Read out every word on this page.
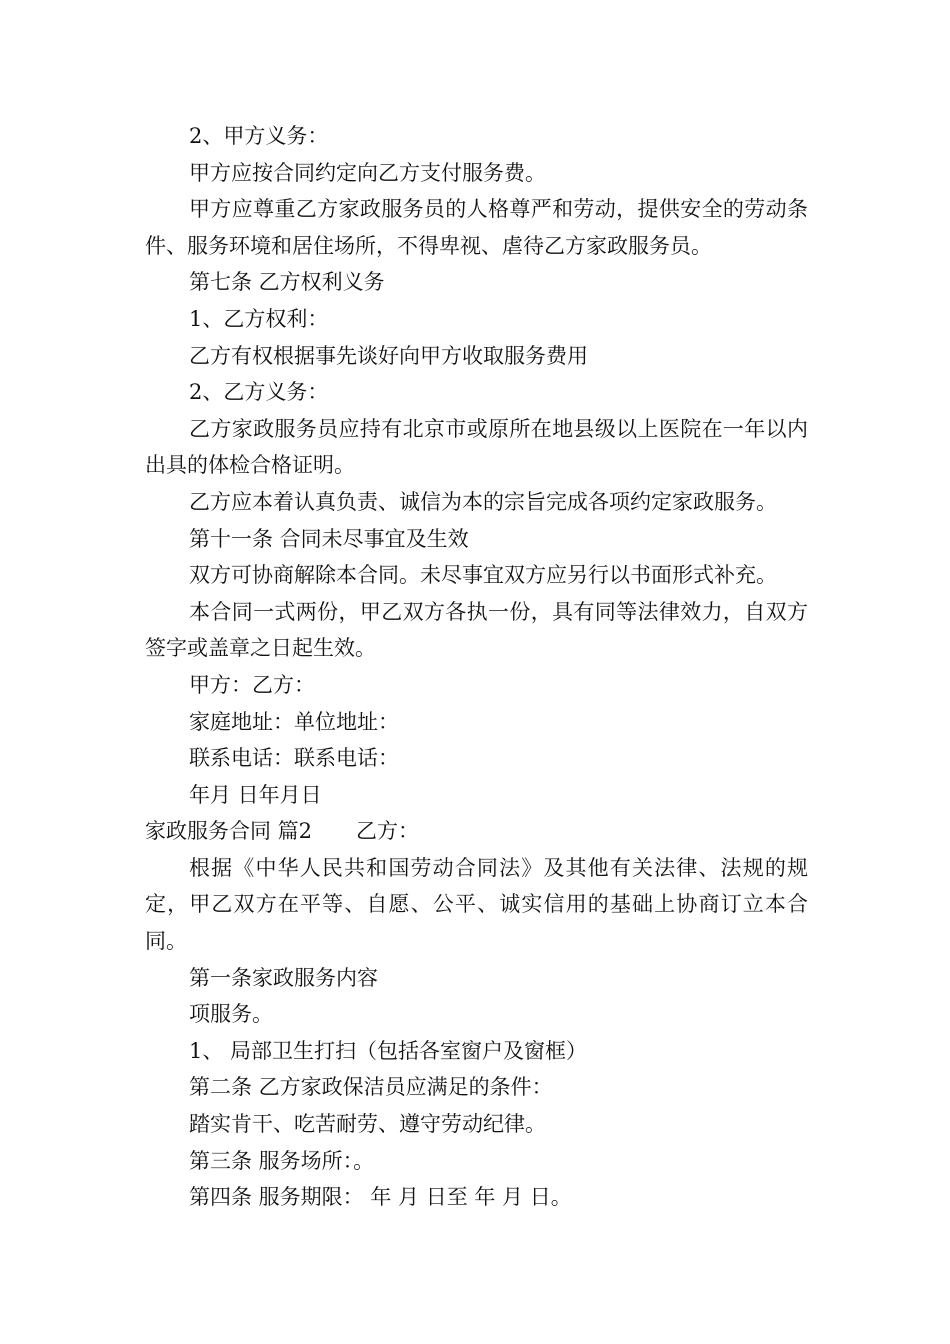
2、甲方义务：

甲方应按合同约定向乙方支付服务费。

甲方应尊重乙方家政服务员的人格尊严和劳动，提供安全的劳动条件、服务环境和居住场所，不得卑视、虐待乙方家政服务员。

第七条 乙方权利义务

1、乙方权利：

乙方有权根据事先谈好向甲方收取服务费用

2、乙方义务：

乙方家政服务员应持有北京市或原所在地县级以上医院在一年以内出具的体检合格证明。

乙方应本着认真负责、诚信为本的宗旨完成各项约定家政服务。

第十一条 合同未尽事宜及生效

双方可协商解除本合同。未尽事宜双方应另行以书面形式补充。

本合同一式两份，甲乙双方各执一份，具有同等法律效力，自双方签字或盖章之日起生效。

甲方：乙方：

家庭地址：单位地址：

联系电话：联系电话：

年月 日年月日

家政服务合同 篇2 乙方：

根据《中华人民共和国劳动合同法》及其他有关法律、法规的规定，甲乙双方在平等、自愿、公平、诚实信用的基础上协商订立本合同。

第一条家政服务内容

项服务。

1、 局部卫生打扫（包括各室窗户及窗框）

第二条 乙方家政保洁员应满足的条件：

踏实肯干、吃苦耐劳、遵守劳动纪律。

第三条 服务场所：。

第四条 服务期限： 年 月 日至 年 月 日。
